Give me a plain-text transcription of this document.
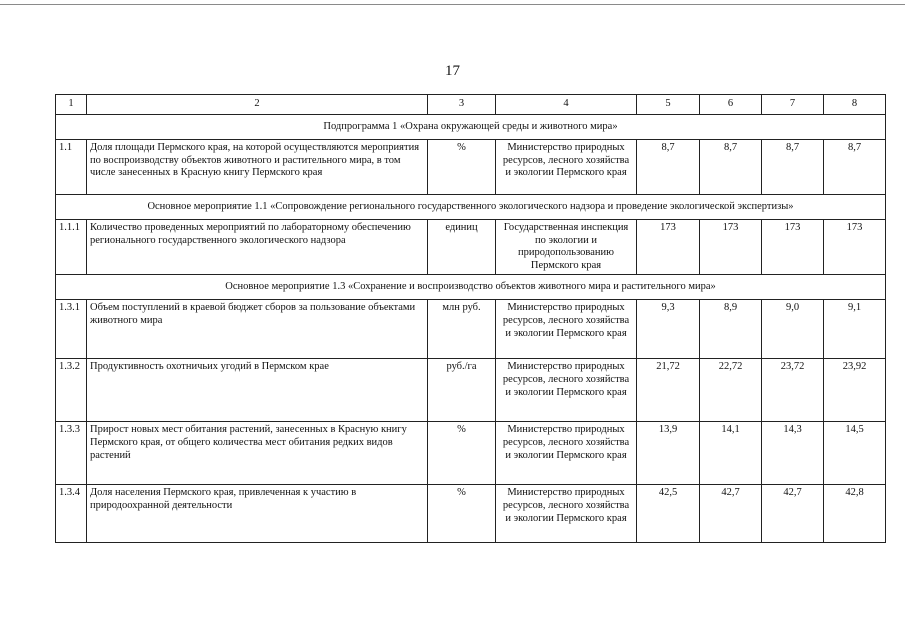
17
1	2	3	4	5	6	7	8
Подпрограмма 1 «Охрана окружающей среды и животного мира»							
1.1	Доля площади Пермского края, на которой осуществляются мероприятия по воспроизводству объектов животного и растительного мира, в том числе занесенных в Красную книгу Пермского края	%	Министерство природных ресурсов, лесного хозяйства и экологии Пермского края	8,7	8,7	8,7	8,7
Основное мероприятие 1.1 «Сопровождение регионального государственного экологического надзора и проведение экологической экспертизы»							
1.1.1	Количество проведенных мероприятий по лабораторному обеспечению регионального государственного экологического надзора	единиц	Государственная инспекция по экологии и природопользованию Пермского края	173	173	173	173
Основное мероприятие 1.3 «Сохранение и воспроизводство объектов животного мира и растительного мира»							
1.3.1	Объем поступлений в краевой бюджет сборов за пользование объектами животного мира	млн руб.	Министерство природных ресурсов, лесного хозяйства и экологии Пермского края	9,3	8,9	9,0	9,1
1.3.2	Продуктивность охотничьих угодий в Пермском крае	руб./га	Министерство природных ресурсов, лесного хозяйства и экологии Пермского края	21,72	22,72	23,72	23,92
1.3.3	Прирост новых мест обитания растений, занесенных в Красную книгу Пермского края, от общего количества мест обитания редких видов растений	%	Министерство природных ресурсов, лесного хозяйства и экологии Пермского края	13,9	14,1	14,3	14,5
1.3.4	Доля населения Пермского края, привлеченная к участию в природоохранной деятельности	%	Министерство природных ресурсов, лесного хозяйства и экологии Пермского края	42,5	42,7	42,7	42,8
